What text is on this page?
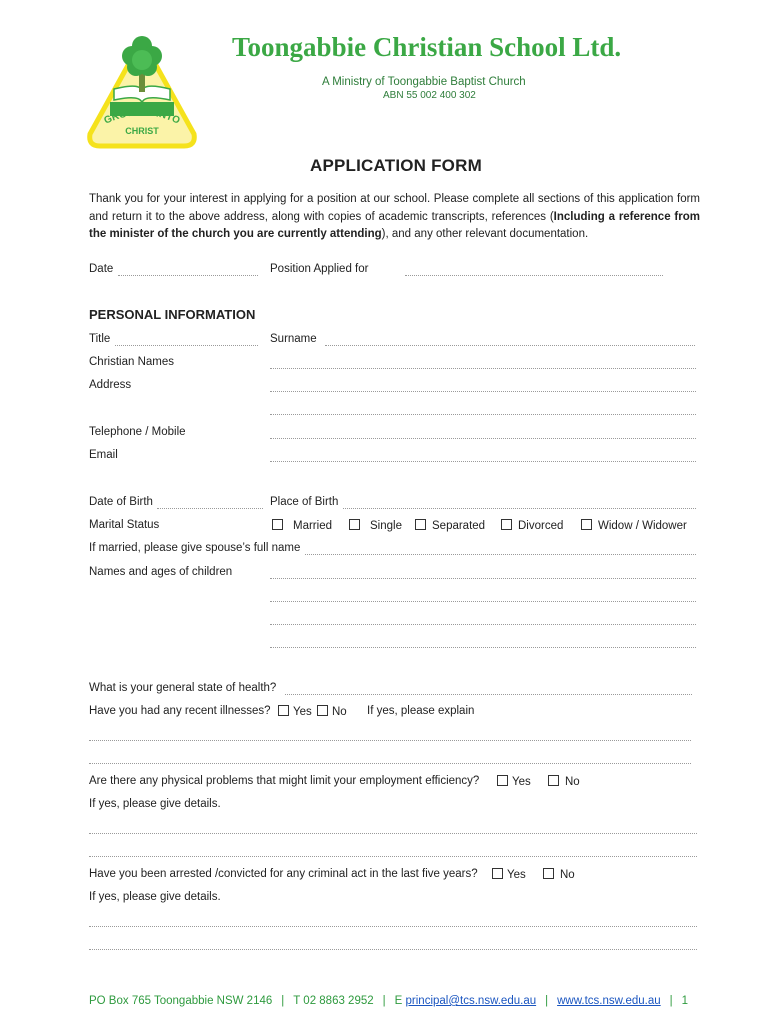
GROW UP INTO
CHRIST
Toongabbie Christian School Ltd.
A Ministry of Toongabbie Baptist Church
ABN 55 002 400 302
APPLICATION FORM
Thank you for your interest in applying for a position at our school. Please complete all sections of this application form and return it to the above address, along with copies of academic transcripts, references (Including a reference from the minister of the church you are currently attending), and any other relevant documentation.
Date	Position Applied for
PERSONAL INFORMATION
Title	Surname
Christian Names
Address
Telephone / Mobile
Email
Date of Birth	Place of Birth
Marital Status	Married	Single	Separated	Divorced	Widow / Widower
If married, please give spouse’s full name
Names and ages of children
What is your general state of health?
Have you had any recent illnesses?	Yes	No If yes, please explain
Are there any physical problems that might limit your employment efficiency?	Yes	No
If yes, please give details.
Have you been arrested /convicted for any criminal act in the last five years?	Yes	No
If yes, please give details.
PO Box 765 Toongabbie NSW 2146 | T 02 8863 2952 | E principal@tcs.nsw.edu.au | www.tcs.nsw.edu.au | 1
